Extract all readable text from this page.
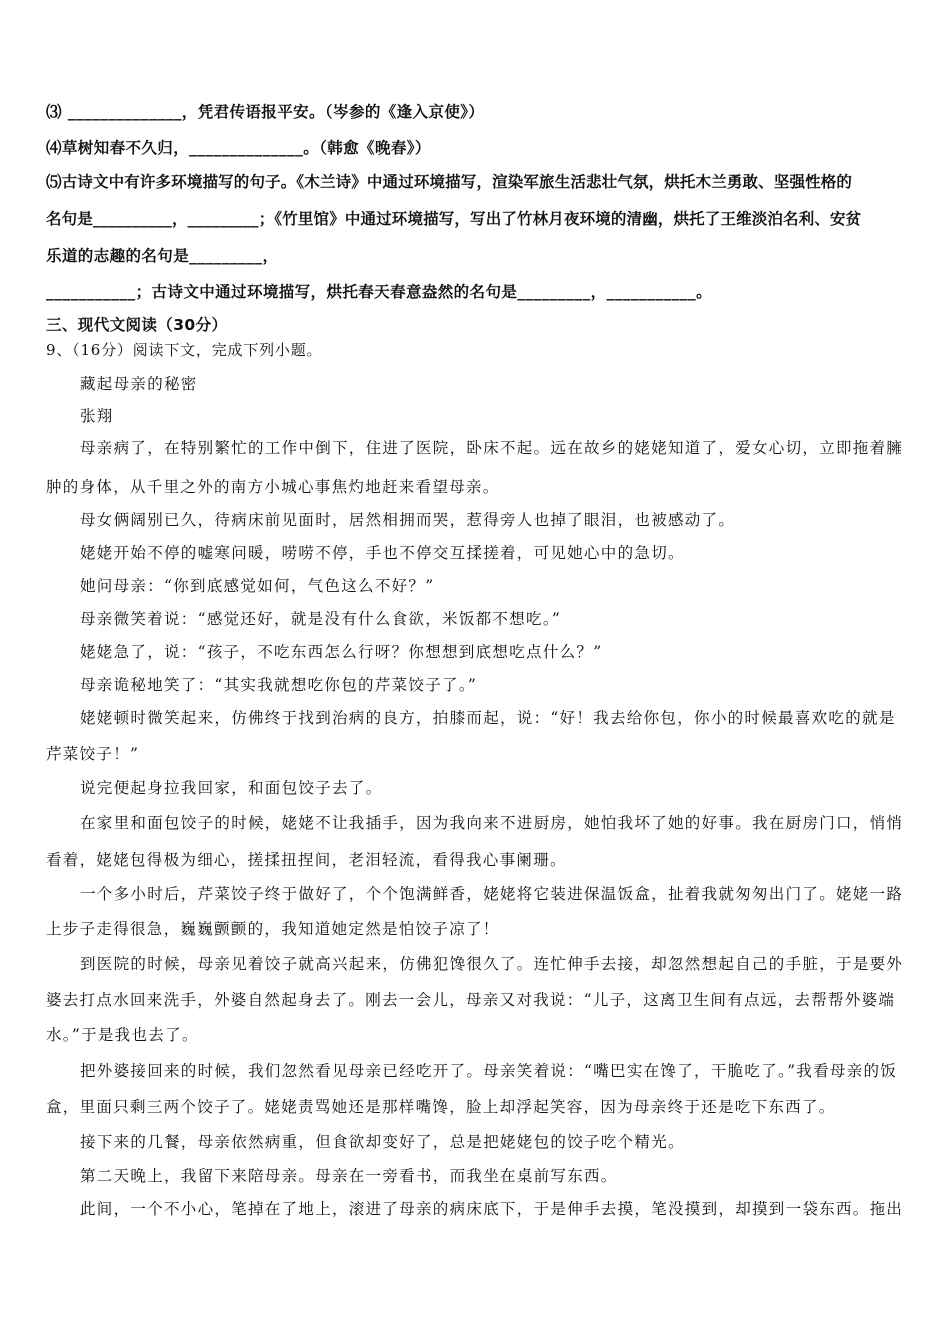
⑶ ______________，凭君传语报平安。（岑参的《逢入京使》）
⑷草树知春不久归，______________。（韩愈《晚春》）
⑸古诗文中有许多环境描写的句子。《木兰诗》中通过环境描写，渲染军旅生活悲壮气氛，烘托木兰勇敢、坚强性格的
名句是__________，_________；《竹里馆》中通过环境描写，写出了竹林月夜环境的清幽，烘托了王维淡泊名利、安贫
乐道的志趣的名句是_________，
___________；古诗文中通过环境描写，烘托春天春意盎然的名句是_________，___________。
三、现代文阅读（30分）
9、（16分）阅读下文，完成下列小题。
藏起母亲的秘密
张翔
母亲病了，在特别繁忙的工作中倒下，住进了医院，卧床不起。远在故乡的姥姥知道了，爱女心切，立即拖着臃
肿的身体，从千里之外的南方小城心事焦灼地赶来看望母亲。
母女俩阔别已久，待病床前见面时，居然相拥而哭，惹得旁人也掉了眼泪，也被感动了。
姥姥开始不停的嘘寒问暖，唠唠不停，手也不停交互揉搓着，可见她心中的急切。
她问母亲：“你到底感觉如何，气色这么不好？”
母亲微笑着说：“感觉还好，就是没有什么食欲，米饭都不想吃。”
姥姥急了，说：“孩子，不吃东西怎么行呀？你想想到底想吃点什么？”
母亲诡秘地笑了：“其实我就想吃你包的芹菜饺子了。”
姥姥顿时微笑起来，仿佛终于找到治病的良方，拍膝而起，说：“好！我去给你包，你小的时候最喜欢吃的就是
芹菜饺子！”
说完便起身拉我回家，和面包饺子去了。
在家里和面包饺子的时候，姥姥不让我插手，因为我向来不进厨房，她怕我坏了她的好事。我在厨房门口，悄悄
看着，姥姥包得极为细心，搓揉扭捏间，老泪轻流，看得我心事阑珊。
一个多小时后，芹菜饺子终于做好了，个个饱满鲜香，姥姥将它装进保温饭盒，扯着我就匆匆出门了。姥姥一路
上步子走得很急，巍巍颤颤的，我知道她定然是怕饺子凉了！
到医院的时候，母亲见着饺子就高兴起来，仿佛犯馋很久了。连忙伸手去接，却忽然想起自己的手脏，于是要外
婆去打点水回来洗手，外婆自然起身去了。刚去一会儿，母亲又对我说：“儿子，这离卫生间有点远，去帮帮外婆端
水。”于是我也去了。
把外婆接回来的时候，我们忽然看见母亲已经吃开了。母亲笑着说：“嘴巴实在馋了，干脆吃了。”我看母亲的饭
盒，里面只剩三两个饺子了。姥姥责骂她还是那样嘴馋，脸上却浮起笑容，因为母亲终于还是吃下东西了。
接下来的几餐，母亲依然病重，但食欲却变好了，总是把姥姥包的饺子吃个精光。
第二天晚上，我留下来陪母亲。母亲在一旁看书，而我坐在桌前写东西。
此间，一个不小心，笔掉在了地上，滚进了母亲的病床底下，于是伸手去摸，笔没摸到，却摸到一袋东西。拖出
